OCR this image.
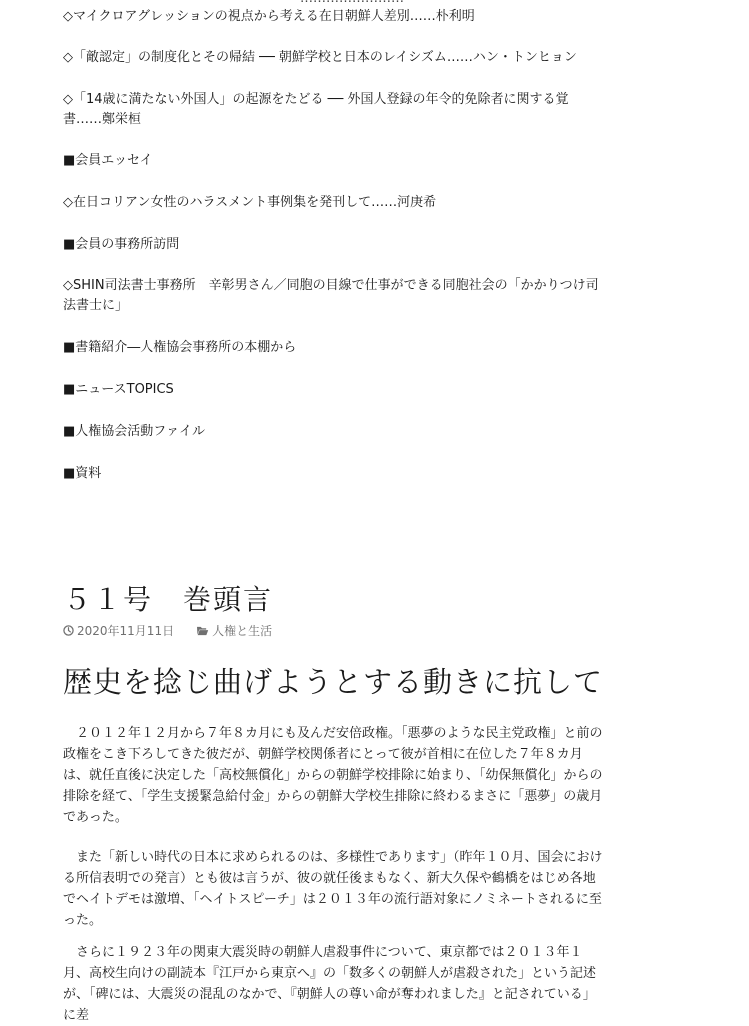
◇マイクロアグレッションの視点から考える在日朝鮮人差別……朴利明
◇「敵認定」の制度化とその帰結 ── 朝鮮学校と日本のレイシズム……ハン・トンヒョン
◇「14歳に満たない外国人」の起源をたどる ── 外国人登録の年令的免除者に関する覚書……鄭栄桓
■会員エッセイ
◇在日コリアン女性のハラスメント事例集を発刊して……河庚希
■会員の事務所訪問
◇SHIN司法書士事務所　辛彰男さん／同胞の目線で仕事ができる同胞社会の「かかりつけ司法書士に」
■書籍紹介―人権協会事務所の本棚から
■ニュースTOPICS
■人権協会活動ファイル
■資料
５１号　巻頭言
2020年11月11日	人権と生活
歴史を捻じ曲げようとする動きに抗して

２０１２年１２月から７年８カ月にも及んだ安倍政権。「悪夢のような民主党政権」と前の政権をこき下ろしてきた彼だが、朝鮮学校関係者にとって彼が首相に在位した７年８カ月は、就任直後に決定した「高校無償化」からの朝鮮学校排除に始まり、「幼保無償化」からの排除を経て、「学生支援緊急給付金」からの朝鮮大学校生排除に終わるまさに「悪夢」の歳月であった。

また「新しい時代の日本に求められるのは、多様性であります」（昨年１０月、国会における所信表明での発言）とも彼は言うが、彼の就任後まもなく、新大久保や鶴橋をはじめ各地でヘイトデモは激増、「ヘイトスピーチ」は２０１３年の流行語対象にノミネートされるに至った。

さらに１９２３年の関東大震災時の朝鮮人虐殺事件について、東京都では２０１３年１月、高校生向けの副読本『江戸から東京へ』の「数多くの朝鮮人が虐殺された」という記述が、「碑には、大震災の混乱のなかで、『朝鮮人の尊い命が奪われました』と記されている」に差
